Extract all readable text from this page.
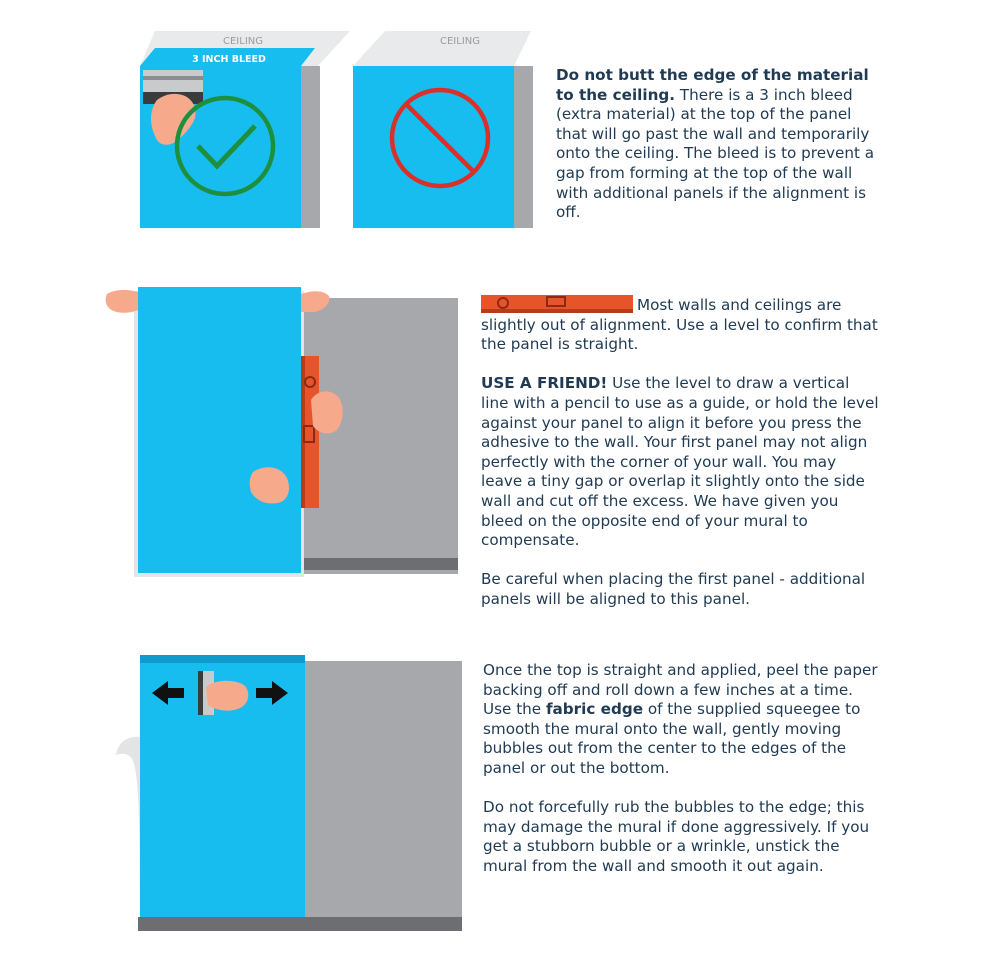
CEILING
3 INCH BLEED
CEILING

Do not butt the edge of the material to the ceiling. There is a 3 inch bleed (extra material) at the top of the panel that will go past the wall and temporarily onto the ceiling. The bleed is to prevent a gap from forming at the top of the wall with additional panels if the alignment is off.

Most walls and ceilings are slightly out of alignment. Use a level to confirm that the panel is straight.

USE A FRIEND! Use the level to draw a vertical line with a pencil to use as a guide, or hold the level against your panel to align it before you press the adhesive to the wall. Your first panel may not align perfectly with the corner of your wall. You may leave a tiny gap or overlap it slightly onto the side wall and cut off the excess. We have given you bleed on the opposite end of your mural to compensate.

Be careful when placing the first panel - additional panels will be aligned to this panel.

Once the top is straight and applied, peel the paper backing off and roll down a few inches at a time. Use the fabric edge of the supplied squeegee to smooth the mural onto the wall, gently moving bubbles out from the center to the edges of the panel or out the bottom.

Do not forcefully rub the bubbles to the edge; this may damage the mural if done aggressively. If you get a stubborn bubble or a wrinkle, unstick the mural from the wall and smooth it out again.
